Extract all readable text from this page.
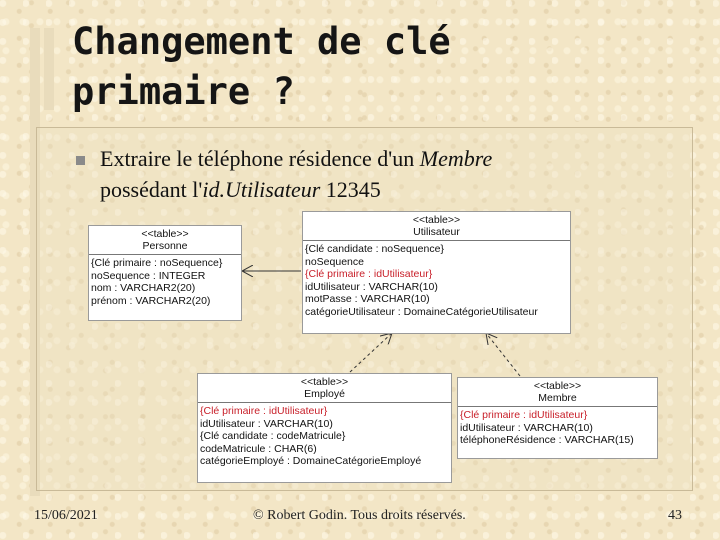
Changement de clé
primaire ?
Extraire le téléphone résidence d'un Membre
possédant l'id.Utilisateur 12345
<<table>>
Personne
{Clé primaire : noSequence}
noSequence : INTEGER
nom : VARCHAR2(20)
prénom : VARCHAR2(20)
<<table>>
Utilisateur
{Clé candidate : noSequence}
noSequence
{Clé primaire : idUtilisateur}
idUtilisateur : VARCHAR(10)
motPasse : VARCHAR(10)
catégorieUtilisateur : DomaineCatégorieUtilisateur
<<table>>
Employé
{Clé primaire : idUtilisateur}
idUtilisateur : VARCHAR(10)
{Clé candidate : codeMatricule}
codeMatricule : CHAR(6)
catégorieEmployé : DomaineCatégorieEmployé
<<table>>
Membre
{Clé primaire : idUtilisateur}
idUtilisateur : VARCHAR(10)
téléphoneRésidence : VARCHAR(15)
15/06/2021	© Robert Godin. Tous droits réservés.	43
